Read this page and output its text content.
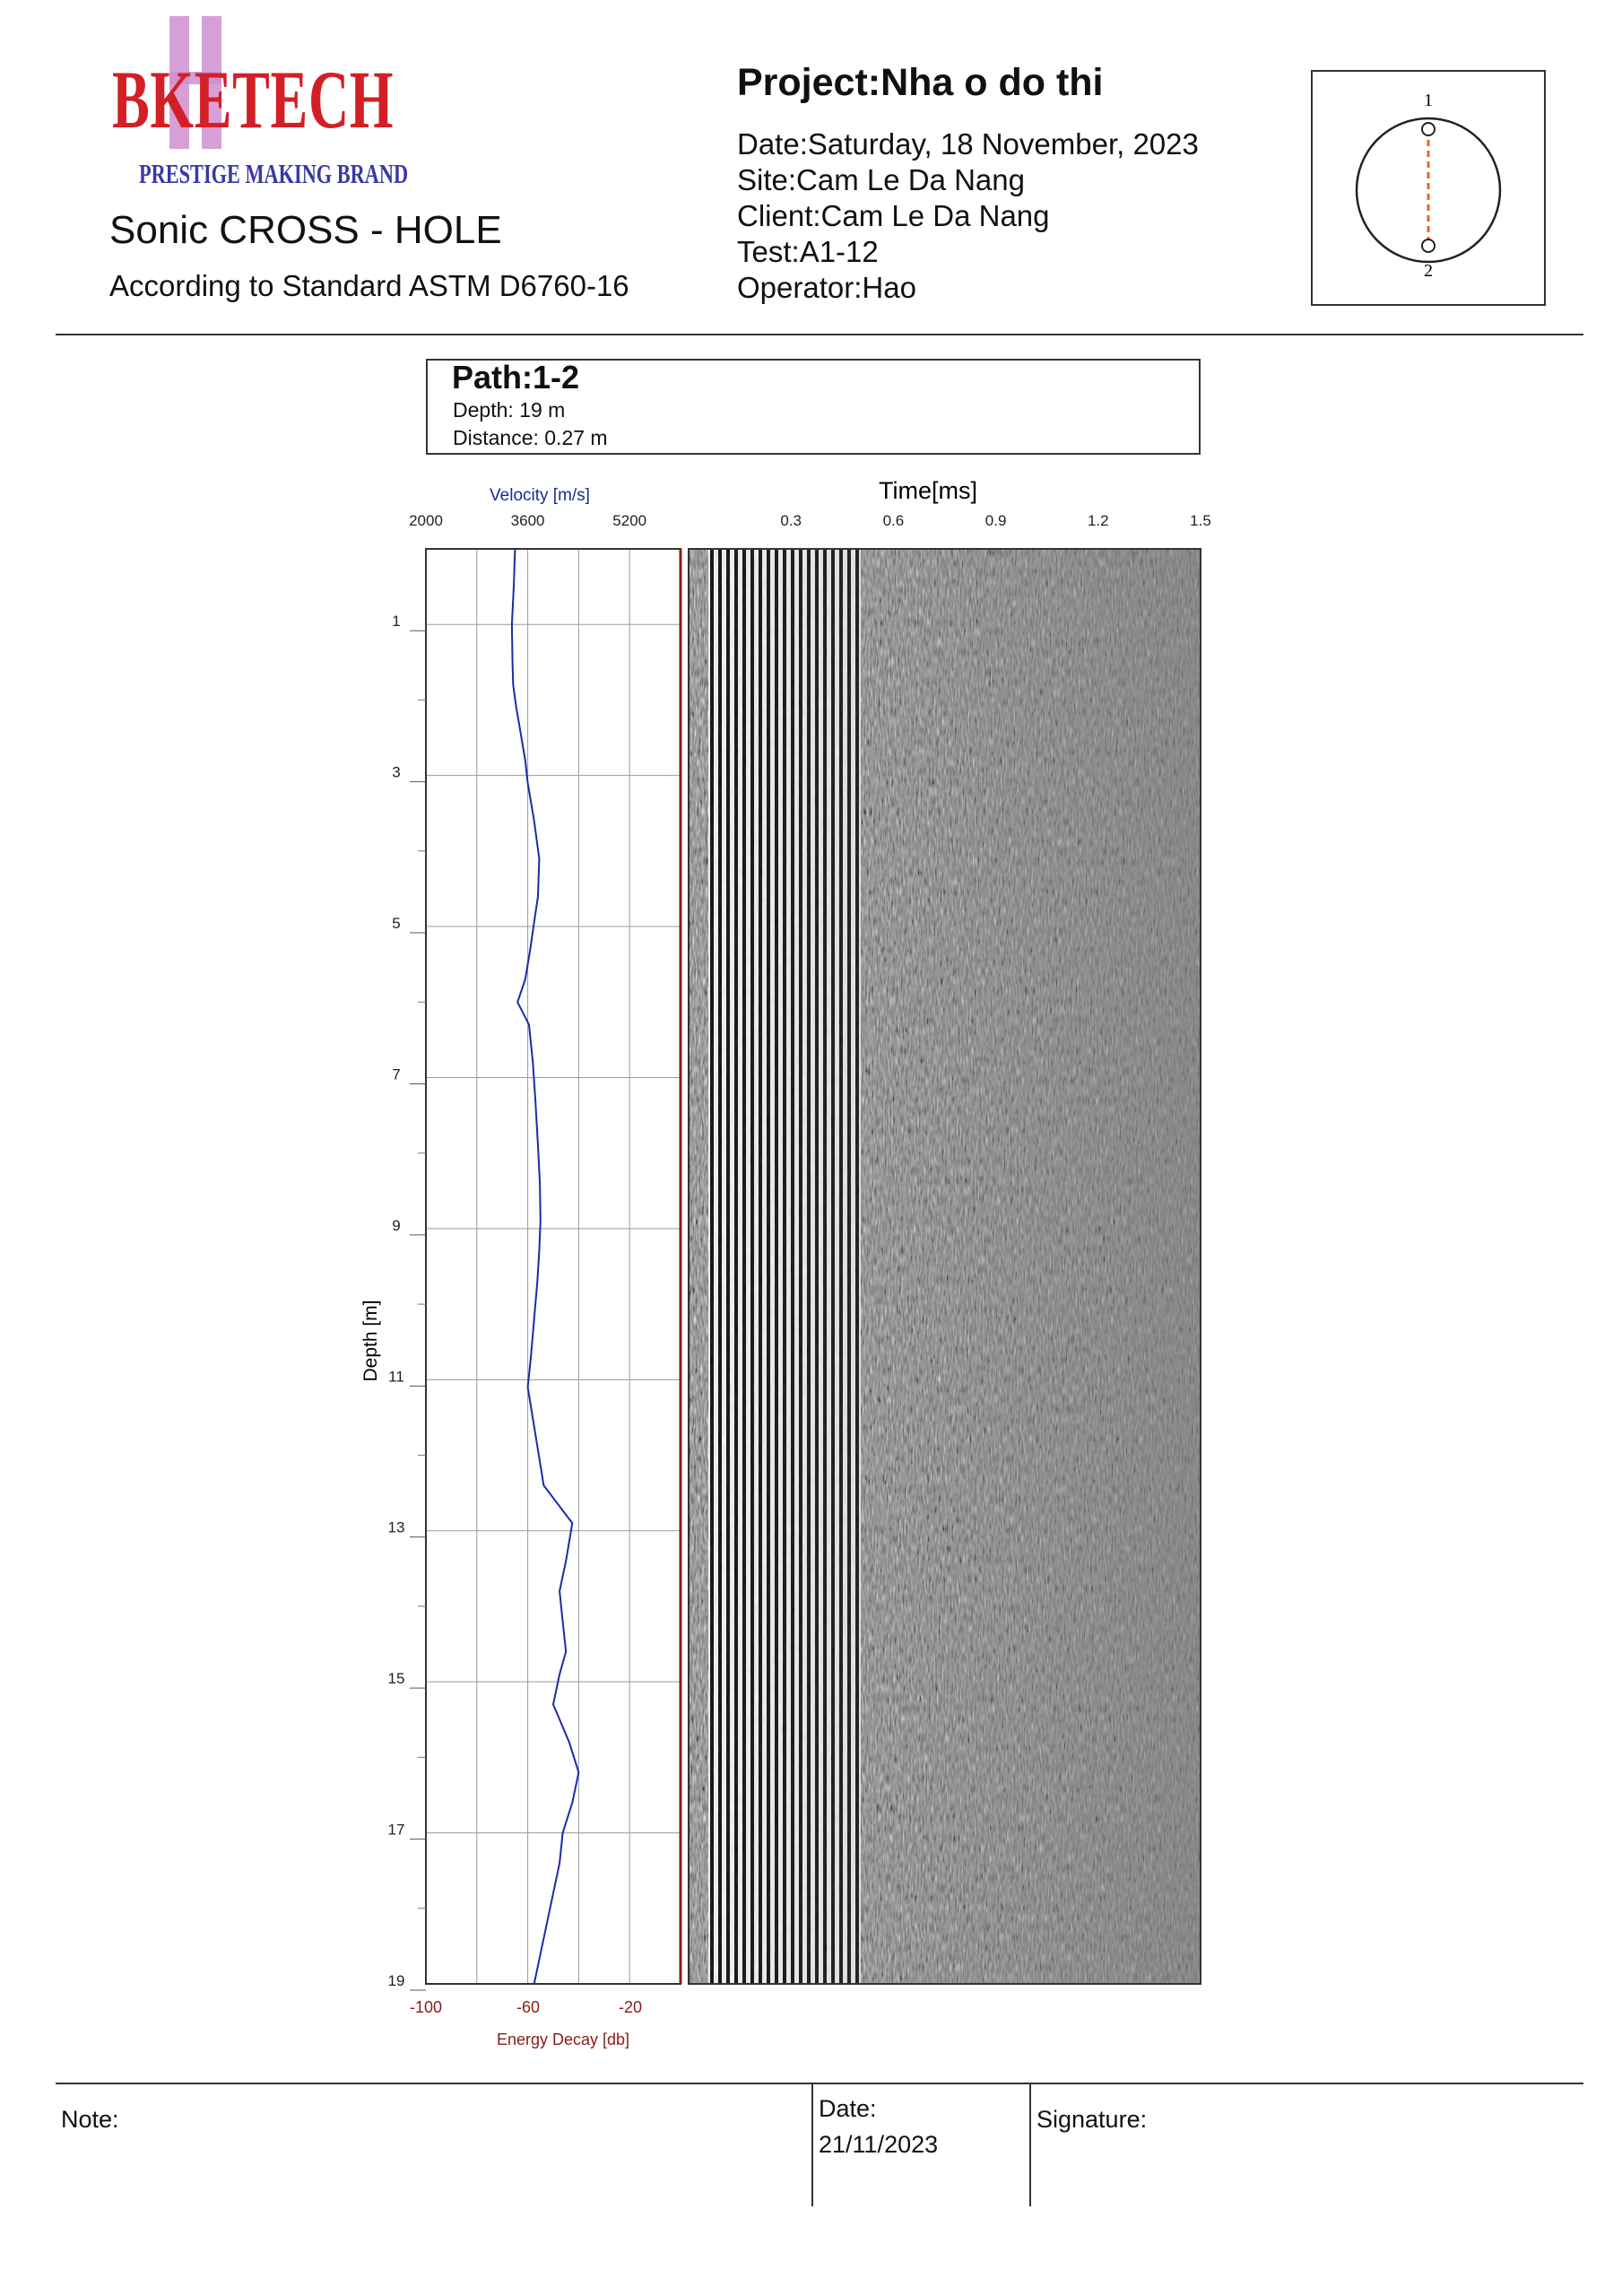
BKETECH
PRESTIGE MAKING BRAND
Sonic CROSS - HOLE
According to Standard ASTM D6760-16
Project:Nha o do thi
Date:Saturday, 18 November, 2023
Site:Cam Le Da Nang
Client:Cam Le Da Nang
Test:A1-12
Operator:Hao
1
2
Path:1-2
Depth: 19 m
Distance: 0.27 m
Velocity [m/s]
2000	3600	5200
1
3
5
7
9
11
13
15
17
19
Depth [m]
-100	-60	-20
Energy Decay [db]
Time[ms]
0.3	0.6	0.9	1.2	1.5
Note:	Date:
21/11/2023
Signature:
